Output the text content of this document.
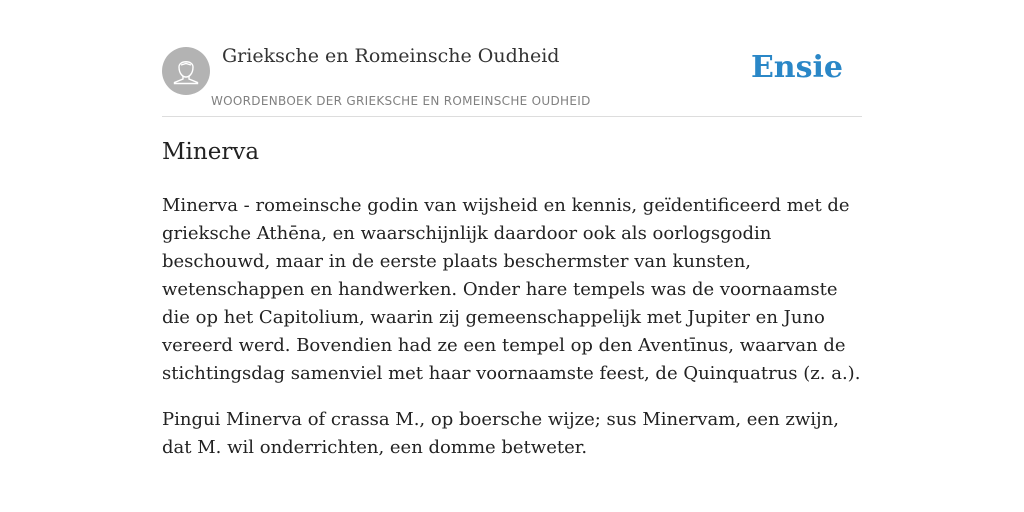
Grieksche en Romeinsche Oudheid
WOORDENBOEK DER GRIEKSCHE EN ROMEINSCHE OUDHEID
Ensie
Minerva

Minerva - romeinsche godin van wijsheid en kennis, geïdentificeerd met de grieksche Athēna, en waarschijnlijk daardoor ook als oorlogsgodin beschouwd, maar in de eerste plaats beschermster van kunsten, wetenschappen en handwerken. Onder hare tempels was de voornaamste die op het Capitolium, waarin zij gemeenschappelijk met Jupiter en Juno vereerd werd. Bovendien had ze een tempel op den Aventīnus, waarvan de stichtingsdag samenviel met haar voornaamste feest, de Quinquatrus (z. a.).

Pingui Minerva of crassa M., op boersche wijze; sus Minervam, een zwijn, dat M. wil onderrichten, een domme betweter.
